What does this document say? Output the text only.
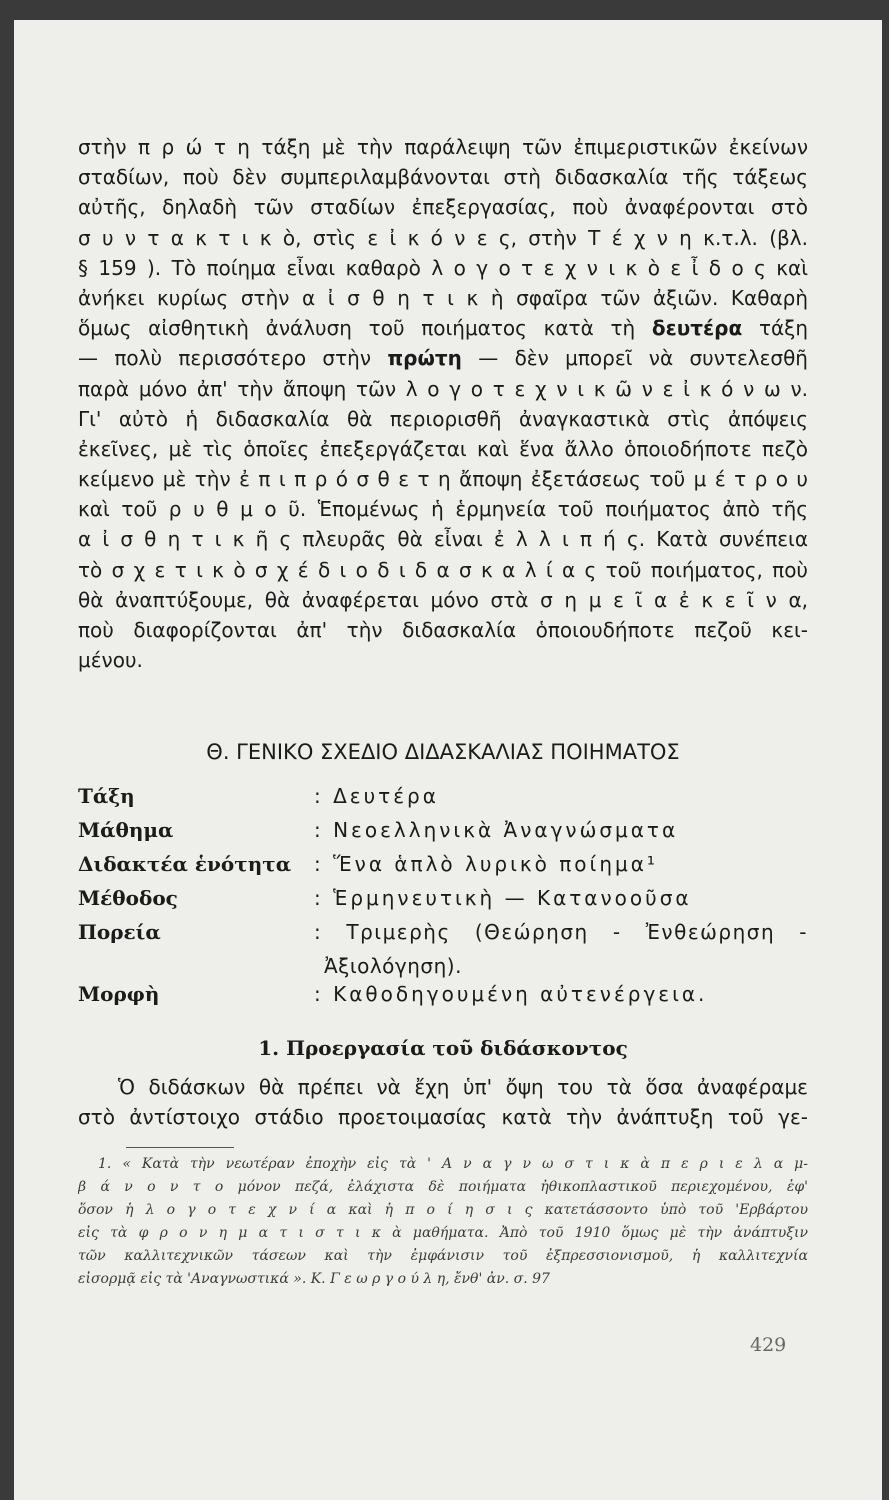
στὴν π ρ ώ τ η τάξη μὲ τὴν παράλειψη τῶν ἐπιμεριστικῶν ἐκείνων
σταδίων, ποὺ δὲν συμπεριλαμβάνονται στὴ διδασκαλία τῆς τάξεως
αὐτῆς, δηλαδὴ τῶν σταδίων ἐπεξεργασίας, ποὺ ἀναφέρονται στὸ
σ υ ν τ α κ τ ι κ ὸ, στὶς ε ἰ κ ό ν ε ς, στὴν Τ έ χ ν η κ.τ.λ. (βλ.
§ 159 ). Τὸ ποίημα εἶναι καθαρὸ λ ο γ ο τ ε χ ν ι κ ὸ ε ἶ δ ο ς καὶ
ἀνήκει κυρίως στὴν α ἰ σ θ η τ ι κ ὴ σφαῖρα τῶν ἀξιῶν. Καθαρὴ
ὅμως αἰσθητικὴ ἀνάλυση τοῦ ποιήματος κατὰ τὴ δευτέρα τάξη
— πολὺ περισσότερο στὴν πρώτη — δὲν μπορεῖ νὰ συντελεσθῆ
παρὰ μόνο ἀπ' τὴν ἄποψη τῶν λ ο γ ο τ ε χ ν ι κ ῶ ν ε ἰ κ ό ν ω ν.
Γι' αὐτὸ ἡ διδασκαλία θὰ περιορισθῆ ἀναγκαστικὰ στὶς ἀπόψεις
ἐκεῖνες, μὲ τὶς ὁποῖες ἐπεξεργάζεται καὶ ἕνα ἄλλο ὁποιοδήποτε πεζὸ
κείμενο μὲ τὴν ἐ π ι π ρ ό σ θ ε τ η ἄποψη ἐξετάσεως τοῦ μ έ τ ρ ο υ
καὶ τοῦ ρ υ θ μ ο ῦ. Ἑπομένως ἡ ἑρμηνεία τοῦ ποιήματος ἀπὸ τῆς
α ἰ σ θ η τ ι κ ῆ ς πλευρᾶς θὰ εἶναι ἐ λ λ ι π ή ς. Κατὰ συνέπεια
τὸ σ χ ε τ ι κ ὸ σ χ έ δ ι ο δ ι δ α σ κ α λ ί α ς τοῦ ποιήματος, ποὺ
θὰ ἀναπτύξουμε, θὰ ἀναφέρεται μόνο στὰ σ η μ ε ῖ α ἐ κ ε ῖ ν α,
ποὺ διαφορίζονται ἀπ' τὴν διδασκαλία ὁποιουδήποτε πεζοῦ κει-
μένου.
Θ. ΓΕΝΙΚΟ ΣΧΕΔΙΟ ΔΙΔΑΣΚΑΛΙΑΣ ΠΟΙΗΜΑΤΟΣ
Τάξη	: Δευτέρα
Μάθημα	: Νεοελληνικὰ Ἀναγνώσματα
Διδακτέα ἑνότητα : Ἕνα ἁπλὸ λυρικὸ ποίημα¹
Μέθοδος	: Ἑρμηνευτικὴ — Κατανοοῦσα
Πορεία	: Τριμερὴς (Θεώρηση - Ἐνθεώρηση -
Ἀξιολόγηση).
Μορφὴ	: Καθοδηγουμένη αὐτενέργεια.
1. Προεργασία τοῦ διδάσκοντος
Ὁ διδάσκων θὰ πρέπει νὰ ἔχη ὑπ' ὄψη του τὰ ὅσα ἀναφέραμε
στὸ ἀντίστοιχο στάδιο προετοιμασίας κατὰ τὴν ἀνάπτυξη τοῦ γε-
1. « Κατὰ τὴν νεωτέραν ἐποχὴν εἰς τὰ ' Α ν α γ ν ω σ τ ι κ ὰ π ε ρ ι ε λ α μ-
β ά ν ο ν τ ο μόνον πεζά, ἐλάχιστα δὲ ποιήματα ἠθικοπλαστικοῦ περιεχομένου, ἐφ'
ὅσον ἡ λ ο γ ο τ ε χ ν ί α καὶ ἡ π ο ί η σ ι ς κατετάσσοντο ὑπὸ τοῦ 'Ερβάρτου
εἰς τὰ φ ρ ο ν η μ α τ ι σ τ ι κ ὰ μαθήματα. Ἀπὸ τοῦ 1910 ὅμως μὲ τὴν ἀνάπτυξιν
τῶν καλλιτεχνικῶν τάσεων καὶ τὴν ἐμφάνισιν τοῦ ἐξπρεσσιονισμοῦ, ἡ καλλιτεχνία
εἰσορμᾷ εἰς τὰ 'Αναγνωστικά ». Κ. Γ ε ω ρ γ ο ύ λ η, ἔνθ' ἀν. σ. 97
429
